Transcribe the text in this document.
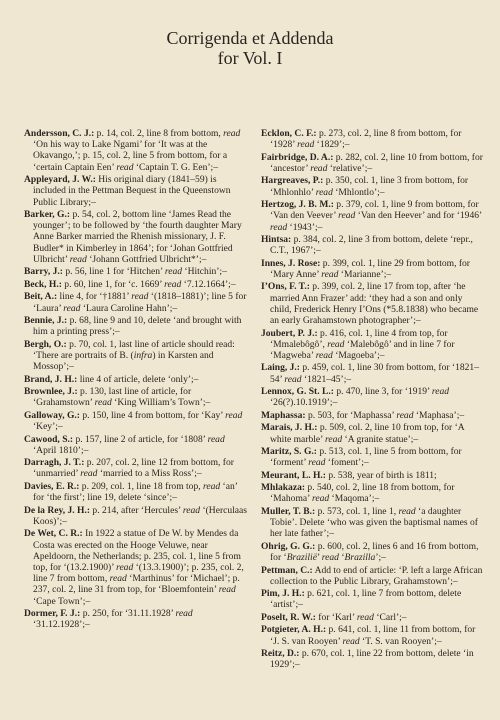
Corrigenda et Addenda
for Vol. I
Andersson, C. J.: p. 14, col. 2, line 8 from bottom, read ‘On his way to Lake Ngami’ for ‘It was at the Okavango,’; p. 15, col. 2, line 5 from bottom, for a ‘certain Captain Een’ read ‘Captain T. G. Een’;–
Appleyard, J. W.: His original diary (1841–59) is included in the Pettman Bequest in the Queenstown Public Library;–
Barker, G.: p. 54, col. 2, bottom line ‘James Read the younger’; to be followed by ‘the fourth daughter Mary Anne Barker married the Rhenish missionary, J. F. Budler* in Kimberley in 1864’; for ‘Johan Gottfried Ulbricht’ read ‘Johann Gottfried Ulbricht*’;–
Barry, J.: p. 56, line 1 for ‘Hitchen’ read ‘Hitchin’;–
Beck, H.: p. 60, line 1, for ‘c. 1669’ read ‘7.12.1664’;–
Beit, A.: line 4, for ‘†1881’ read ‘(1818–1881)’; line 5 for ‘Laura’ read ‘Laura Caroline Hahn’;–
Bennie, J.: p. 68, line 9 and 10, delete ‘and brought with him a printing press’;–
Bergh, O.: p. 70, col. 1, last line of article should read: ‘There are portraits of B. (infra) in Karsten and Mossop’;–
Brand, J. H.: line 4 of article, delete ‘only’;–
Brownlee, J.: p. 130, last line of article, for ‘Grahamstown’ read ‘King William’s Town’;–
Galloway, G.: p. 150, line 4 from bottom, for ‘Kay’ read ‘Key’;–
Cawood, S.: p. 157, line 2 of article, for ‘1808’ read ‘April 1810’;–
Darragh, J. T.: p. 207, col. 2, line 12 from bottom, for ‘unmarried’ read ‘married to a Miss Ross’;–
Davies, E. R.: p. 209, col. 1, line 18 from top, read ‘an’ for ‘the first’; line 19, delete ‘since’;–
De la Rey, J. H.: p. 214, after ‘Hercules’ read ‘(Herculaas Koos)’;–
De Wet, C. R.: In 1922 a statue of De W. by Mendes da Costa was erected on the Hooge Veluwe, near Apeldoorn, the Netherlands; p. 235, col. 1, line 5 from top, for ‘(13.2.1900)’ read ‘(13.3.1900)’; p. 235, col. 2, line 7 from bottom, read ‘Marthinus’ for ‘Michael’; p. 237, col. 2, line 31 from top, for ‘Bloemfontein’ read ‘Cape Town’;–
Dormer, F. J.: p. 250, for ‘31.11.1928’ read ‘31.12.1928’;–
Ecklon, C. F.: p. 273, col. 2, line 8 from bottom, for ‘1928’ read ‘1829’;–
Fairbridge, D. A.: p. 282, col. 2, line 10 from bottom, for ‘ancestor’ read ‘relative’;–
Hargreaves, P.: p. 350, col. 1, line 3 from bottom, for ‘Mhlonhlo’ read ‘Mhlontlo’;–
Hertzog, J. B. M.: p. 379, col. 1, line 9 from bottom, for ‘Van den Veever’ read ‘Van den Heever’ and for ‘1946’ read ‘1943’;–
Hintsa: p. 384, col. 2, line 3 from bottom, delete ‘repr., C.T., 1967’;–
Innes, J. Rose: p. 399, col. 1, line 29 from bottom, for ‘Mary Anne’ read ‘Marianne’;–
I’Ons, F. T.: p. 399, col. 2, line 17 from top, after ‘he married Ann Frazer’ add: ‘they had a son and only child, Frederick Henry I’Ons (*5.8.1838) who became an early Grahamstown photographer’;–
Joubert, P. J.: p. 416, col. 1, line 4 from top, for ‘Mmalebôgô’, read ‘Malebôgô’ and in line 7 for ‘Magweba’ read ‘Magoeba’;–
Laing, J.: p. 459, col. 1, line 30 from bottom, for ‘1821–54’ read ‘1821–45’;–
Lennox, G. St. L.: p. 470, line 3, for ‘1919’ read ‘26(?).10.1919’;–
Maphassa: p. 503, for ‘Maphassa’ read ‘Maphasa’;–
Marais, J. H.: p. 509, col. 2, line 10 from top, for ‘A white marble’ read ‘A granite statue’;–
Maritz, S. G.: p. 513, col. 1, line 5 from bottom, for ‘forment’ read ‘foment’;–
Meurant, L. H.: p. 538, year of birth is 1811;
Mhlakaza: p. 540, col. 2, line 18 from bottom, for ‘Mahoma’ read ‘Maqoma’;–
Muller, T. B.: p. 573, col. 1, line 1, read ‘a daughter Tobie’. Delete ‘who was given the baptismal names of her late father’;–
Ohrig, G. G.: p. 600, col. 2, lines 6 and 16 from bottom, for ‘Brazilië’ read ‘Brazilla’;–
Pettman, C.: Add to end of article: ‘P. left a large African collection to the Public Library, Grahamstown’;–
Pim, J. H.: p. 621, col. 1, line 7 from bottom, delete ‘artist’;–
Poselt, R. W.: for ‘Karl’ read ‘Carl’;–
Potgieter, A. H.: p. 641, col. 1, line 11 from bottom, for ‘J. S. van Rooyen’ read ‘T. S. van Rooyen’;–
Reitz, D.: p. 670, col. 1, line 22 from bottom, delete ‘in 1929’;–
